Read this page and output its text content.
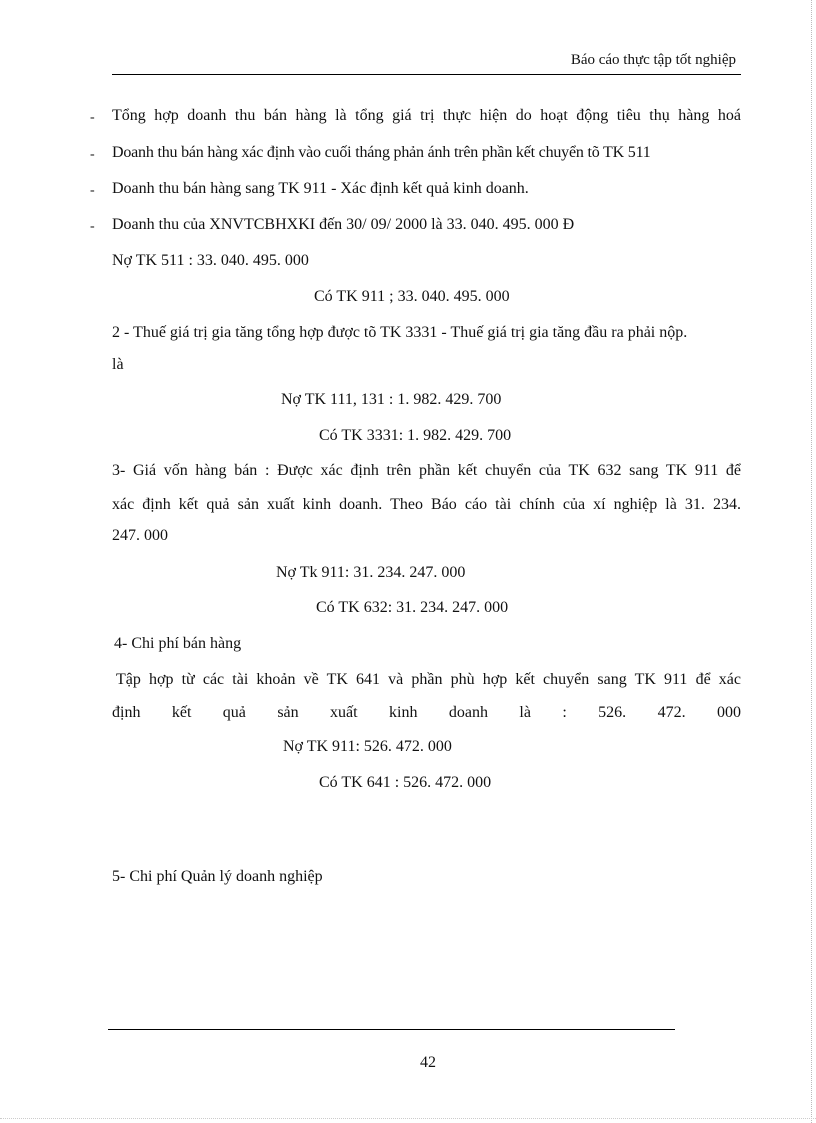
Báo cáo thực tập tốt nghiệp
- Tổng hợp doanh thu bán hàng là tổng giá trị thực hiện do hoạt động tiêu thụ hàng hoá
- Doanh thu bán hàng xác định vào cuối tháng phản ánh trên phần kết chuyển tõ TK 511
- Doanh thu bán hàng sang TK 911 - Xác định kết quả kinh doanh.
- Doanh thu của XNVTCBHXKI đến 30/ 09/ 2000 là 33. 040. 495. 000 Đ
Nợ TK 511 : 33. 040. 495. 000
Có TK 911 ; 33. 040. 495. 000
2 - Thuế giá trị gia tăng tổng hợp được tõ TK 3331 - Thuế giá trị gia tăng đầu ra phải nộp.
là
Nợ TK 111, 131 : 1. 982. 429. 700
Có TK 3331: 1. 982. 429. 700
3- Giá vốn hàng bán : Được xác định trên phần kết chuyển của TK 632 sang TK 911 để
xác định kết quả sản xuất kinh doanh. Theo Báo cáo tài chính của xí nghiệp là 31. 234.
247. 000
Nợ Tk 911: 31. 234. 247. 000
Có TK 632: 31. 234. 247. 000
4- Chi phí bán hàng
Tập hợp từ các tài khoản về TK 641 và phần phù hợp kết chuyển sang TK 911 để xác
định kết quả sản xuất kinh doanh là : 526. 472. 000
Nợ TK 911: 526. 472. 000
Có TK 641 : 526. 472. 000
5- Chi phí Quản lý doanh nghiệp
42
